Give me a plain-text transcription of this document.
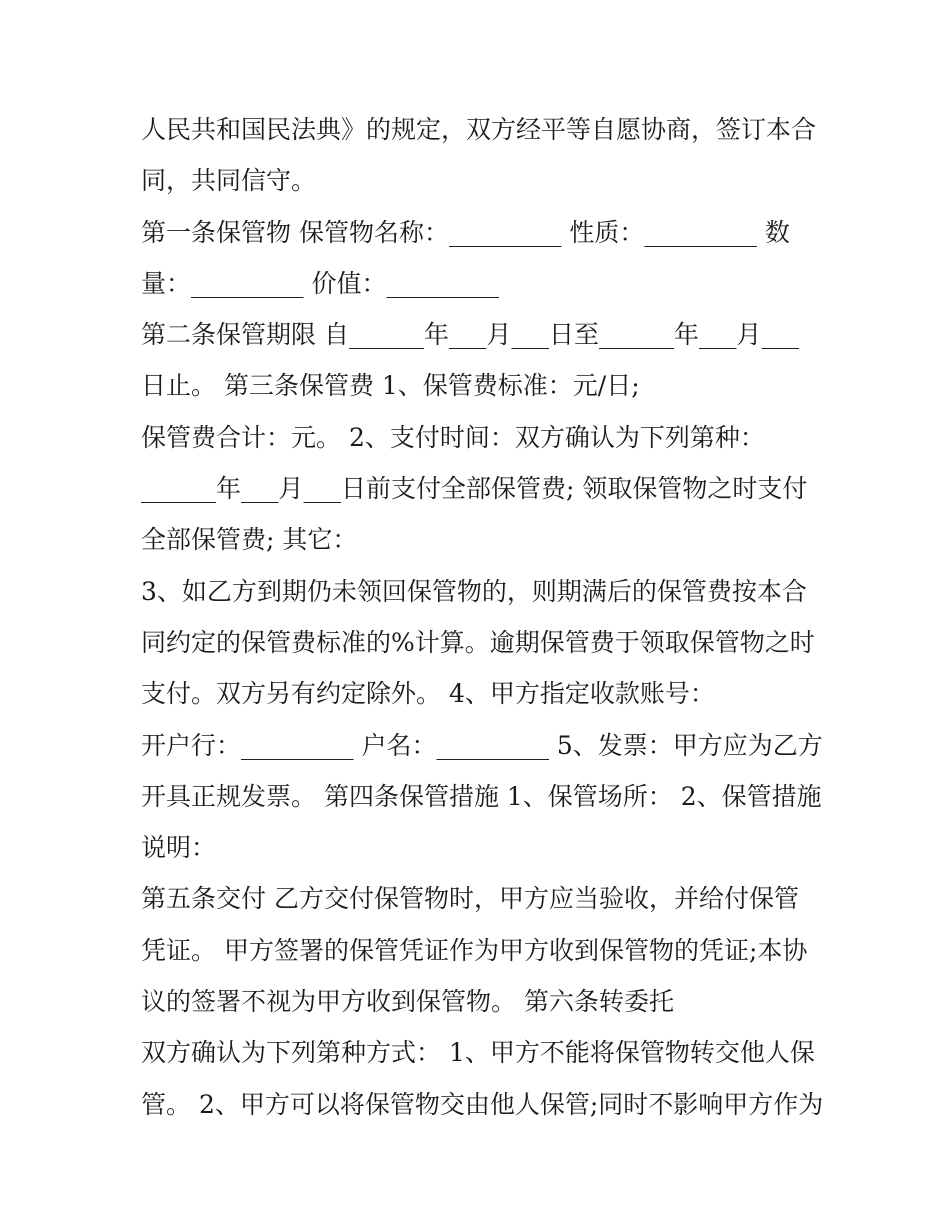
人民共和国民法典》的规定，双方经平等自愿协商，签订本合
同，共同信守。
第一条保管物 保管物名称：_________ 性质：_________ 数
量：_________ 价值：_________
第二条保管期限 自______年___月___日至______年___月___
日止。 第三条保管费 1、保管费标准：元/日;
保管费合计：元。 2、支付时间：双方确认为下列第种：
______年___月___日前支付全部保管费; 领取保管物之时支付
全部保管费; 其它：
3、如乙方到期仍未领回保管物的，则期满后的保管费按本合
同约定的保管费标准的%计算。逾期保管费于领取保管物之时
支付。双方另有约定除外。 4、甲方指定收款账号：
开户行：_________ 户名：_________ 5、发票：甲方应为乙方
开具正规发票。 第四条保管措施 1、保管场所： 2、保管措施
说明：
第五条交付 乙方交付保管物时，甲方应当验收，并给付保管
凭证。 甲方签署的保管凭证作为甲方收到保管物的凭证;本协
议的签署不视为甲方收到保管物。 第六条转委托
双方确认为下列第种方式： 1、甲方不能将保管物转交他人保
管。 2、甲方可以将保管物交由他人保管;同时不影响甲方作为
